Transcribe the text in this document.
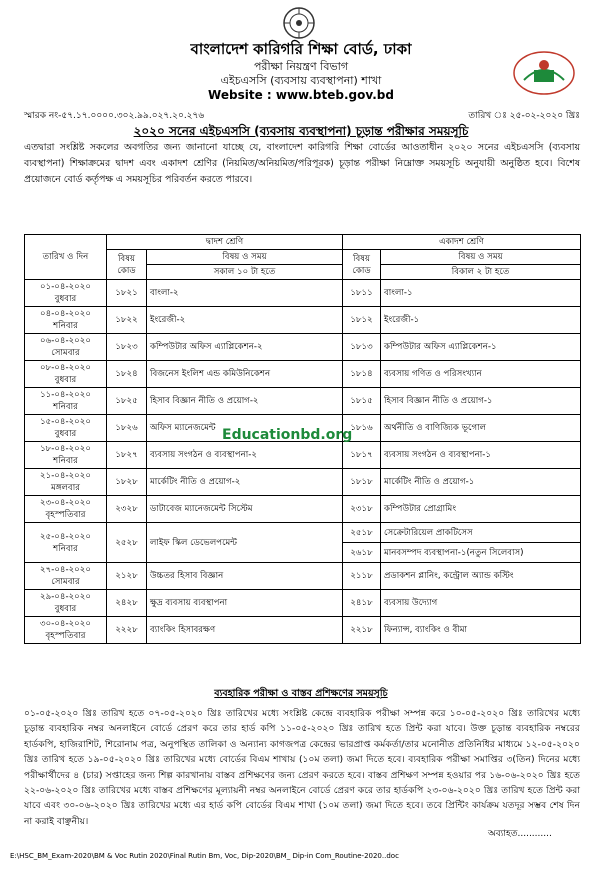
বাংলাদেশ কারিগরি শিক্ষা বোর্ড, ঢাকা
পরীক্ষা নিয়ন্ত্রণ বিভাগ
এইচএসসি (ব্যবসায় ব্যবস্থাপনা) শাখা
Website : www.bteb.gov.bd
স্মারক নং-৫৭.১৭.০০০০.৩০২.৯৯.০২৭.২০.২৭৬	তারিখ ঃ ২৫-০২-২০২০ খ্রিঃ
২০২০ সনের এইচএসসি (ব্যবসায় ব্যবস্থাপনা) চূড়ান্ত পরীক্ষার সময়সূচি
এতদ্বারা সংশ্লিষ্ট সকলের অবগতির জন্য জানানো যাচ্ছে যে, বাংলাদেশ কারিগরি শিক্ষা বোর্ডের আওতাধীন ২০২০ সনের এইচএসসি (ব্যবসায় ব্যবস্থাপনা) শিক্ষাক্রমের দ্বাদশ এবং একাদশ শ্রেণির (নিয়মিত/অনিয়মিত/পরিপূরক) চূড়ান্ত পরীক্ষা নিম্নোক্ত সময়সূচি অনুযায়ী অনুষ্ঠিত হবে। বিশেষ প্রয়োজনে বোর্ড কর্তৃপক্ষ এ সময়সূচির পরিবর্তন করতে পারবে।
তারিখ ও দিন	দ্বাদশ শ্রেণি		একাদশ শ্রেণি	
	বিষয় কোড	বিষয় ও সময়	বিষয় কোড	বিষয় ও সময়
		সকাল ১০ টা হতে		বিকাল ২ টা হতে

০১-০৪-২০২০
বুধবার	১৮২১	বাংলা-২	১৮১১	বাংলা-১

০৪-০৪-২০২০
শনিবার	১৮২২	ইংরেজী-২	১৮১২	ইংরেজী-১

০৬-০৪-২০২০
সোমবার	১৮২৩	কম্পিউটার অফিস এ্যাপ্লিকেশন-২	১৮১৩	কম্পিউটার অফিস এ্যাপ্লিকেশন-১

০৮-০৪-২০২০
বুধবার	১৮২৪	বিজনেস ইংলিশ এন্ড কমিউনিকেশন	১৮১৪	ব্যবসায় গণিত ও পরিসংখ্যান

১১-০৪-২০২০
শনিবার	১৮২৫	হিসাব বিজ্ঞান নীতি ও প্রয়োগ-২	১৮১৫	হিসাব বিজ্ঞান নীতি ও প্রয়োগ-১

১৫-০৪-২০২০
বুধবার	১৮২৬	অফিস ম্যানেজমেন্ট	১৮১৬	অর্থনীতি ও বাণিজ্যিক ভূগোল

১৮-০৪-২০২০
শনিবার	১৮২৭	ব্যবসায় সংগঠন ও ব্যবস্থাপনা-২	১৮১৭	ব্যবসায় সংগঠন ও ব্যবস্থাপনা-১

২১-০৪-২০২০
মঙ্গলবার	১৮২৮	মার্কেটিং নীতি ও প্রয়োগ-২	১৮১৮	মার্কেটিং নীতি ও প্রয়োগ-১

২৩-০৪-২০২০
বৃহস্পতিবার	২৩২৮	ডাটাবেজ ম্যানেজমেন্ট সিস্টেম	২৩১৮	কম্পিউটার প্রোগ্রামিং

২৫-০৪-২০২০
শনিবার	২৫২৮	লাইফ স্কিল ডেভেলপমেন্ট	২৫১৮	সেক্রেটারিয়েল প্রাকটিসেস
			২৬১৮	মানবসম্পদ ব্যবস্থাপনা-১(নতুন সিলেবাস)

২৭-০৪-২০২০
সোমবার	২১২৮	উচ্চতর হিসাব বিজ্ঞান	২১১৮	প্রডাকশন প্লানিং, কন্ট্রোল অ্যান্ড কস্টিং

২৯-০৪-২০২০
বুধবার	২৪২৮	ক্ষুদ্র ব্যবসায় ব্যবস্থাপনা	২৪১৮	ব্যবসায় উদ্যোগ

৩০-০৪-২০২০
বৃহস্পতিবার	২২২৮	ব্যাংকিং হিসাবরক্ষণ	২২১৮	ফিন্যান্স, ব্যাংকিং ও বীমা
Educationbd.org
ব্যবহারিক পরীক্ষা ও বাস্তব প্রশিক্ষণের সময়সূচি
০১-০৫-২০২০ খ্রিঃ তারিখ হতে ০৭-০৫-২০২০ খ্রিঃ তারিখের মধ্যে সংশ্লিষ্ট কেন্দ্রে ব্যবহারিক পরীক্ষা সম্পন্ন করে ১০-০৫-২০২০ খ্রিঃ তারিখের মধ্যে চূড়ান্ত ব্যবহারিক নম্বর অনলাইনে বোর্ডে প্রেরণ করে তার হার্ড কপি ১১-০৫-২০২০ খ্রিঃ তারিখ হতে প্রিন্ট করা যাবে। উক্ত চূড়ান্ত ব্যবহারিক নম্বরের হার্ডকপি, হাজিরাশিট, শিরোনাম পত্র, অনুপস্থিত তালিকা ও অন্যান্য কাগজপত্র কেন্দ্রের ভারপ্রাপ্ত কর্মকর্তা/তার মনোনীত প্রতিনিধির মাধ্যমে ১২-০৫-২০২০ খ্রিঃ তারিখ হতে ১৯-০৫-২০২০ খ্রিঃ তারিখের মধ্যে বোর্ডের বিএম শাখায় (১০ম তলা) জমা দিতে হবে। ব্যবহারিক পরীক্ষা সমাপ্তির ৩(তিন) দিনের মধ্যে পরীক্ষার্থীদের ৪ (চার) সপ্তাহের জন্য শিল্প কারখানায় বাস্তব প্রশিক্ষণের জন্য প্রেরণ করতে হবে। বাস্তব প্রশিক্ষণ সম্পন্ন হওয়ার পর ১৬-০৬-২০২০ খ্রিঃ হতে ২২-০৬-২০২০ খ্রিঃ তারিখের মধ্যে বাস্তব প্রশিক্ষণের মূল্যায়নী নম্বর অনলাইনে বোর্ডে প্রেরণ করে তার হার্ডকপি ২৩-০৬-২০২০ খ্রিঃ তারিখ হতে প্রিন্ট করা যাবে এবং ৩০-০৬-২০২০ খ্রিঃ তারিখের মধ্যে এর হার্ড কপি বোর্ডের বিএম শাখা (১০ম তলা) জমা দিতে হবে। তবে প্রিন্টিং কার্যক্রম যতদূর সম্ভব শেষ দিন না করাই বাঞ্ছনীয়।
অব্যাহত............
E:\HSC_BM_Exam-2020\BM & Voc Rutin 2020\Final Rutin Bm, Voc, Dip-2020\BM_ Dip-in Com_Routine-2020..doc
